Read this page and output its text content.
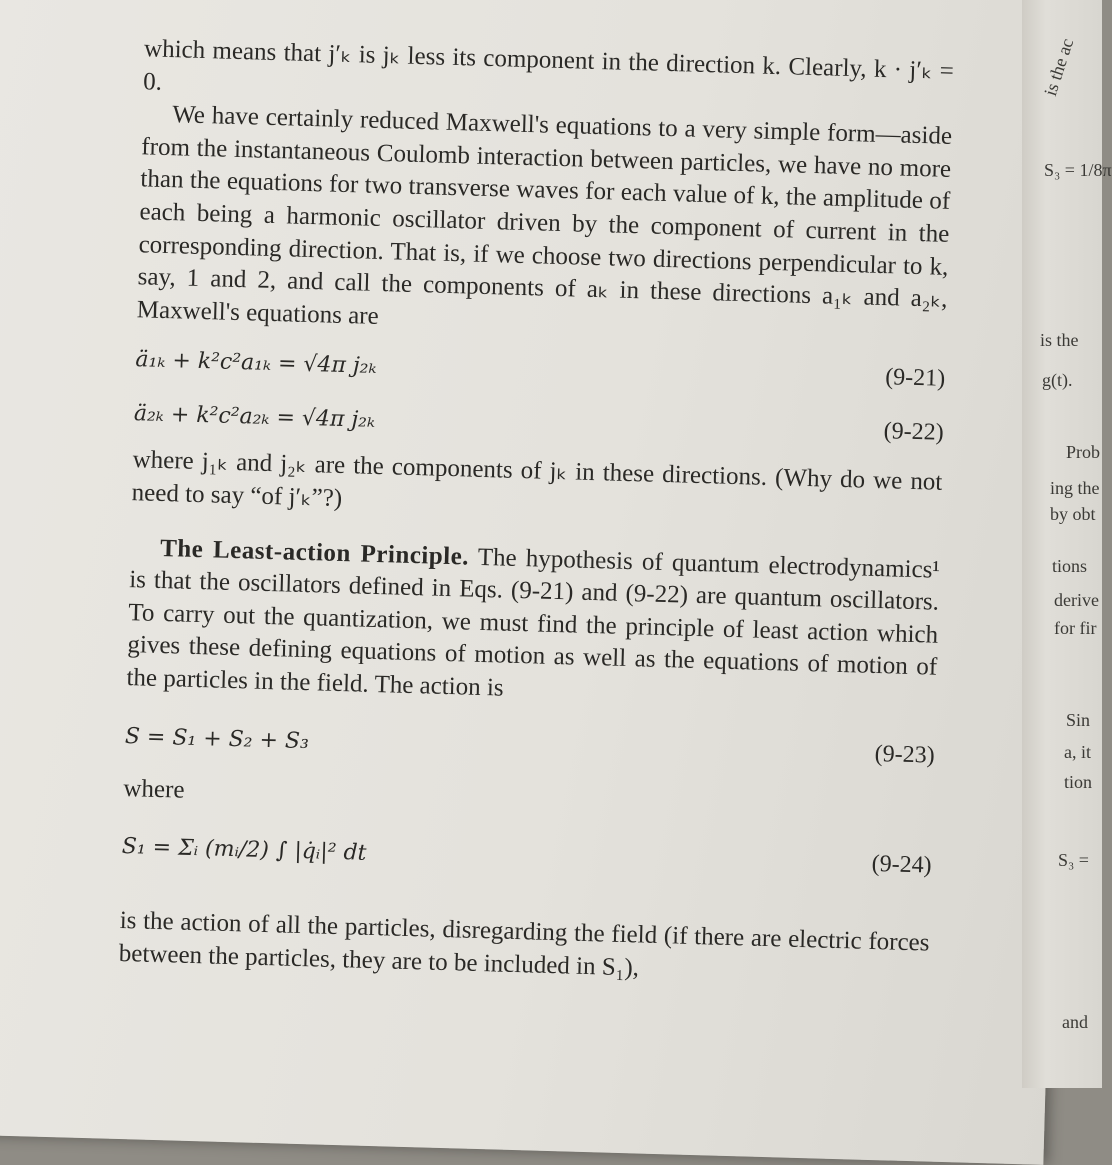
which means that j′ₖ is jₖ less its component in the direction k. Clearly, k · j′ₖ = 0.

We have certainly reduced Maxwell's equations to a very simple form—aside from the instantaneous Coulomb interaction between particles, we have no more than the equations for two transverse waves for each value of k, the amplitude of each being a harmonic oscillator driven by the component of current in the corresponding direction. That is, if we choose two directions perpendicular to k, say, 1 and 2, and call the components of aₖ in these directions a₁ₖ and a₂ₖ, Maxwell's equations are

ä₁ₖ + k²c²a₁ₖ = √4π j₂ₖ	(9-21)
ä₂ₖ + k²c²a₂ₖ = √4π j₂ₖ	(9-22)

where j₁ₖ and j₂ₖ are the components of jₖ in these directions. (Why do we not need to say “of j′ₖ”?)

The Least-action Principle. The hypothesis of quantum electrodynamics¹ is that the oscillators defined in Eqs. (9-21) and (9-22) are quantum oscillators. To carry out the quantization, we must find the principle of least action which gives these defining equations of motion as well as the equations of motion of the particles in the field. The action is

S = S₁ + S₂ + S₃
(9-23)

where

S₁ = Σᵢ (mᵢ/2) ∫ |q̇ᵢ|² dt	(9-24)

is the action of all the particles, disregarding the field (if there are electric forces between the particles, they are to be included in S₁),

is the ac
S₃ = 1/8π
is the
g(t).
Prob
ing the
by obt
tions
derive
for fir
Sin
a, it
tion
S₃ =
and
